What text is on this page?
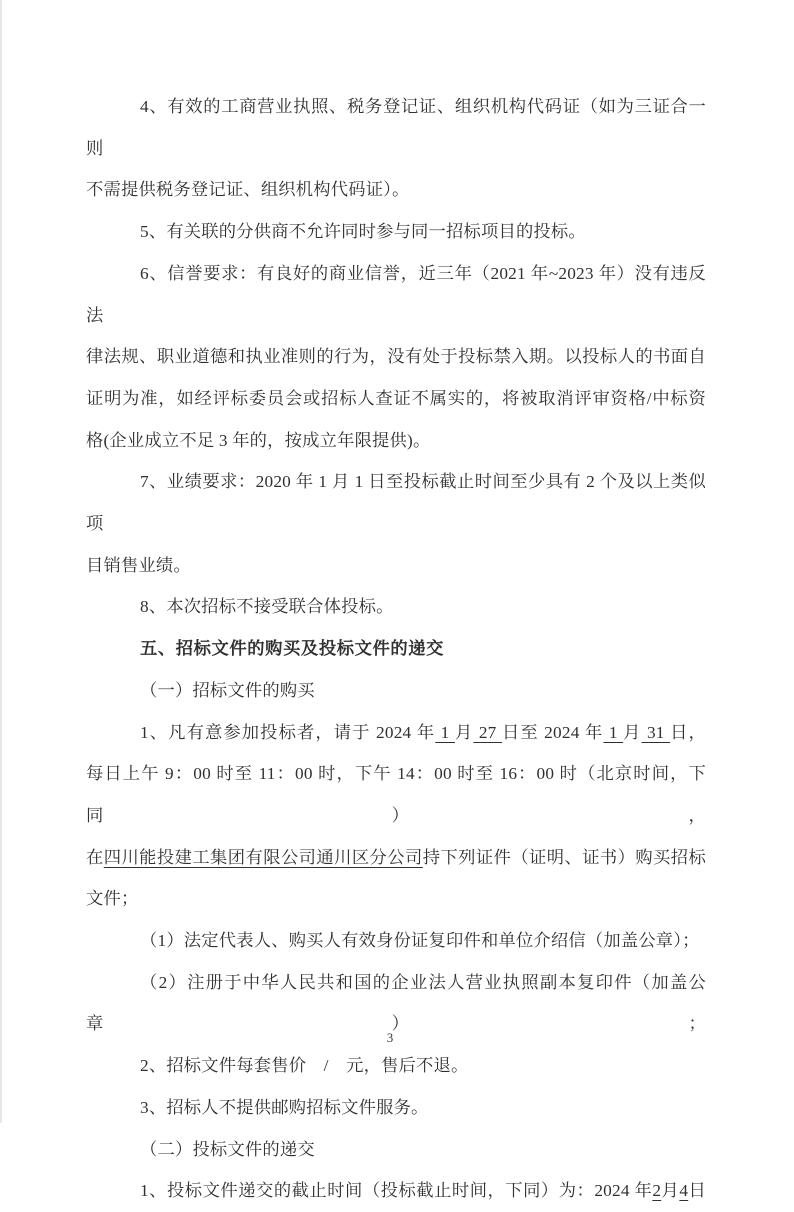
4、有效的工商营业执照、税务登记证、组织机构代码证（如为三证合一则
不需提供税务登记证、组织机构代码证）。
5、有关联的分供商不允许同时参与同一招标项目的投标。
6、信誉要求：有良好的商业信誉，近三年（2021 年~2023 年）没有违反法
律法规、职业道德和执业准则的行为，没有处于投标禁入期。以投标人的书面自
证明为准，如经评标委员会或招标人查证不属实的，将被取消评审资格/中标资
格(企业成立不足 3 年的，按成立年限提供)。
7、业绩要求：2020 年 1 月 1 日至投标截止时间至少具有 2 个及以上类似项
目销售业绩。
8、本次招标不接受联合体投标。
五、招标文件的购买及投标文件的递交
（一）招标文件的购买
1、凡有意参加投标者，请于 2024 年 1 月 27 日至 2024 年 1 月 31 日，
每日上午 9：00 时至 11：00 时，下午 14：00 时至 16：00 时（北京时间，下同），
在四川能投建工集团有限公司通川区分公司持下列证件（证明、证书）购买招标
文件；
（1）法定代表人、购买人有效身份证复印件和单位介绍信（加盖公章）；
（2）注册于中华人民共和国的企业法人营业执照副本复印件（加盖公章）；
2、招标文件每套售价　/　元，售后不退。
3、招标人不提供邮购招标文件服务。
（二）投标文件的递交
1、投标文件递交的截止时间（投标截止时间，下同）为：2024 年2月4日
3
